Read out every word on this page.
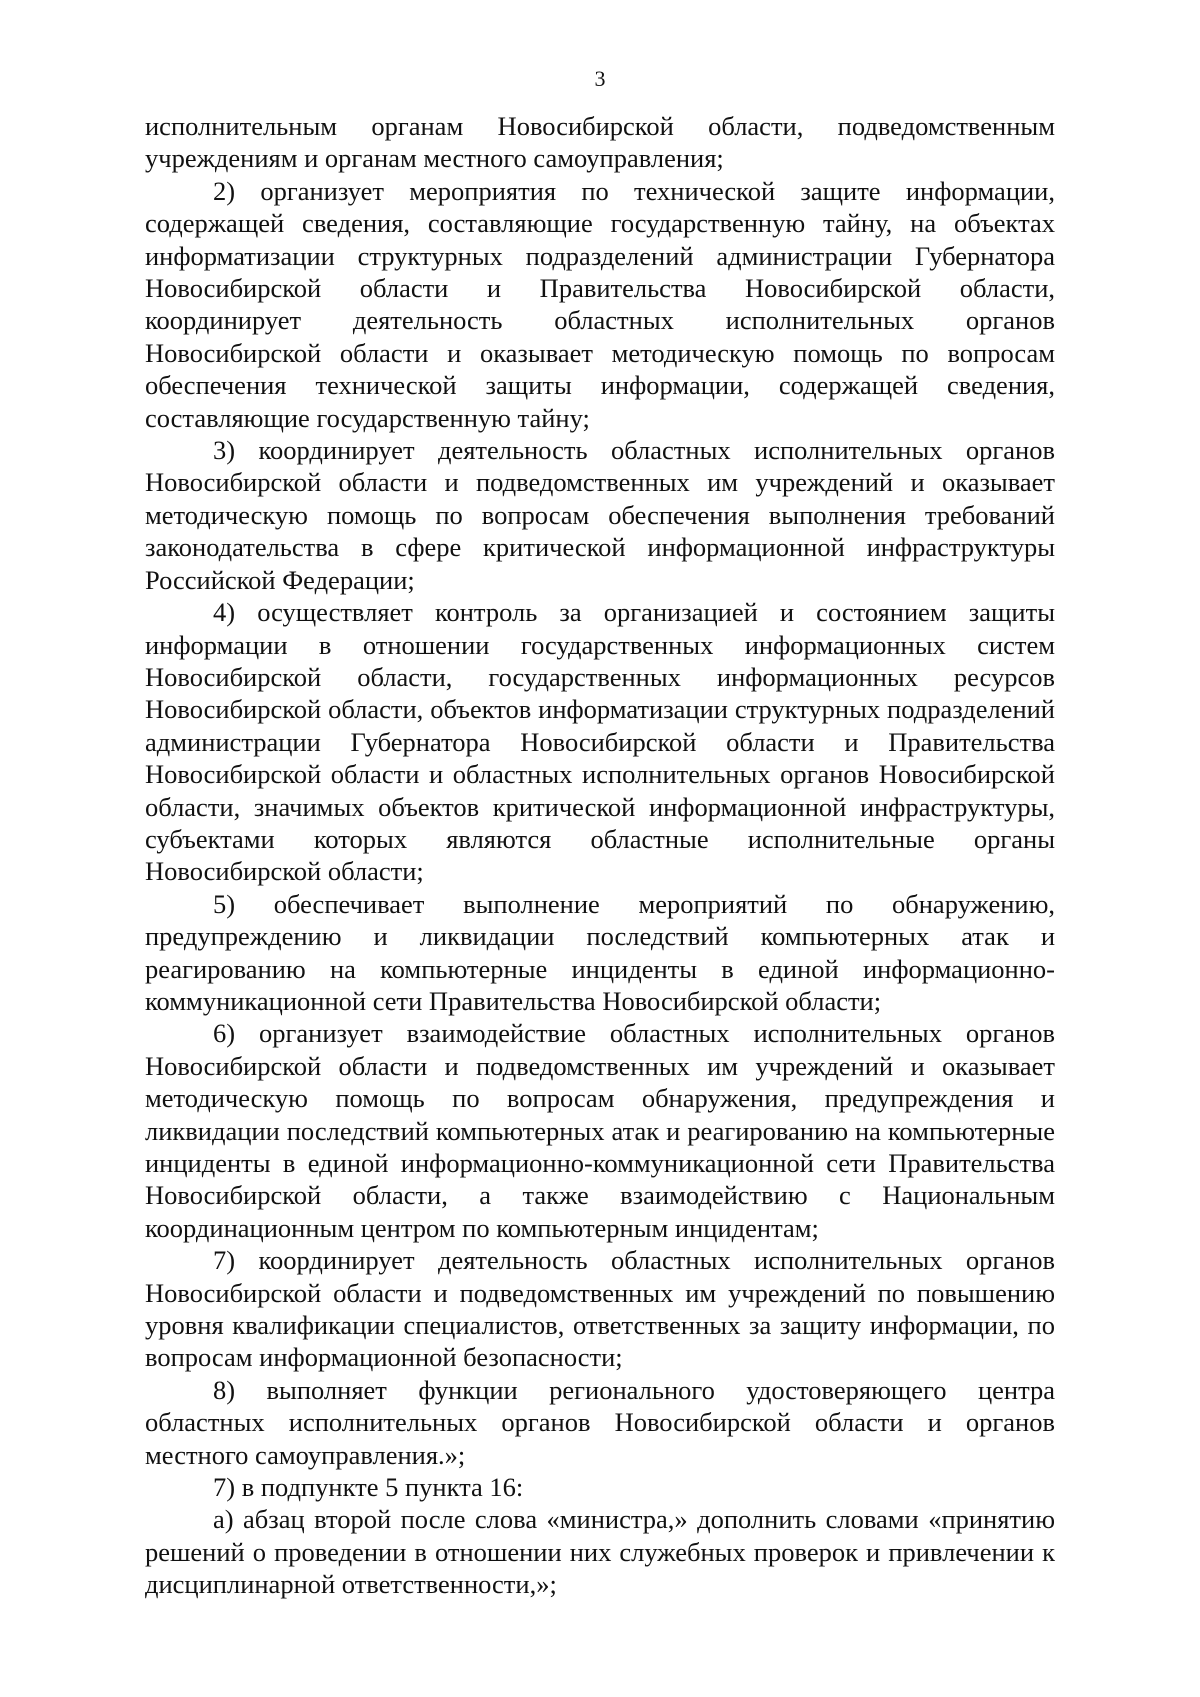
3

исполнительным органам Новосибирской области, подведомственным учреждениям и органам местного самоуправления;

2) организует мероприятия по технической защите информации, содержащей сведения, составляющие государственную тайну, на объектах информатизации структурных подразделений администрации Губернатора Новосибирской области и Правительства Новосибирской области, координирует деятельность областных исполнительных органов Новосибирской области и оказывает методическую помощь по вопросам обеспечения технической защиты информации, содержащей сведения, составляющие государственную тайну;

3) координирует деятельность областных исполнительных органов Новосибирской области и подведомственных им учреждений и оказывает методическую помощь по вопросам обеспечения выполнения требований законодательства в сфере критической информационной инфраструктуры Российской Федерации;

4) осуществляет контроль за организацией и состоянием защиты информации в отношении государственных информационных систем Новосибирской области, государственных информационных ресурсов Новосибирской области, объектов информатизации структурных подразделений администрации Губернатора Новосибирской области и Правительства Новосибирской области и областных исполнительных органов Новосибирской области, значимых объектов критической информационной инфраструктуры, субъектами которых являются областные исполнительные органы Новосибирской области;

5) обеспечивает выполнение мероприятий по обнаружению, предупреждению и ликвидации последствий компьютерных атак и реагированию на компьютерные инциденты в единой информационно-коммуникационной сети Правительства Новосибирской области;

6) организует взаимодействие областных исполнительных органов Новосибирской области и подведомственных им учреждений и оказывает методическую помощь по вопросам обнаружения, предупреждения и ликвидации последствий компьютерных атак и реагированию на компьютерные инциденты в единой информационно-коммуникационной сети Правительства Новосибирской области, а также взаимодействию с Национальным координационным центром по компьютерным инцидентам;

7) координирует деятельность областных исполнительных органов Новосибирской области и подведомственных им учреждений по повышению уровня квалификации специалистов, ответственных за защиту информации, по вопросам информационной безопасности;

8) выполняет функции регионального удостоверяющего центра областных исполнительных органов Новосибирской области и органов местного самоуправления.»;

7) в подпункте 5 пункта 16:

а) абзац второй после слова «министра,» дополнить словами «принятию решений о проведении в отношении них служебных проверок и привлечении к дисциплинарной ответственности,»;
